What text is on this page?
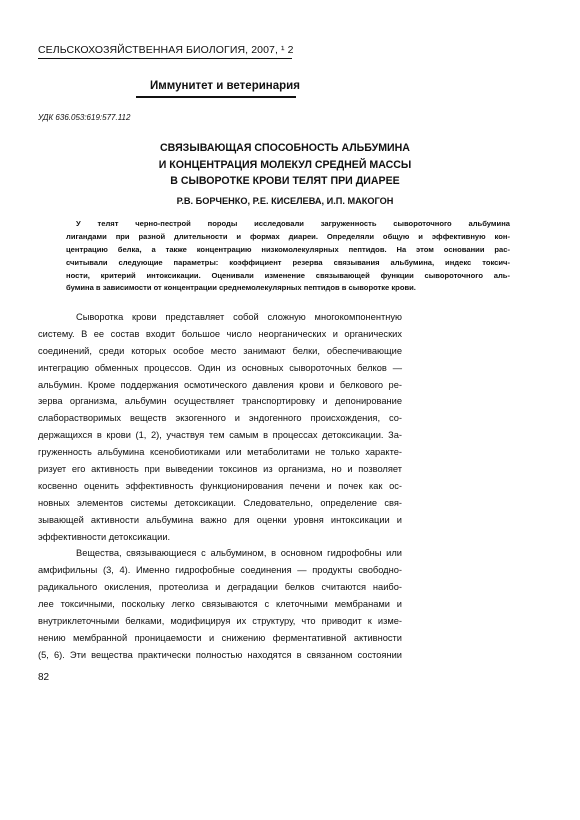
СЕЛЬСКОХОЗЯЙСТВЕННАЯ БИОЛОГИЯ, 2007, ¹ 2
Иммунитет и ветеринария
УДК 636.053:619:577.112
СВЯЗЫВАЮЩАЯ СПОСОБНОСТЬ АЛЬБУМИНА
И КОНЦЕНТРАЦИЯ МОЛЕКУЛ СРЕДНЕЙ МАССЫ
В СЫВОРОТКЕ КРОВИ ТЕЛЯТ ПРИ ДИАРЕЕ
Р.В. БОРЧЕНКО, Р.Е. КИСЕЛЕВА, И.П. МАКОГОН
У телят черно-пестрой породы исследовали загруженность сывороточного альбумина
лигандами при разной длительности и формах диареи. Определяли общую и эффективную кон-
центрацию белка, а также концентрацию низкомолекулярных пептидов. На этом основании рас-
считывали следующие параметры: коэффициент резерва связывания альбумина, индекс токсич-
ности, критерий интоксикации. Оценивали изменение связывающей функции сывороточного аль-
бумина в зависимости от концентрации среднемолекулярных пептидов в сыворотке крови.
Сыворотка крови представляет собой сложную многокомпонентную
систему. В ее состав входит большое число неорганических и органических
соединений, среди которых особое место занимают белки, обеспечивающие
интеграцию обменных процессов. Один из основных сывороточных белков —
альбумин. Кроме поддержания осмотического давления крови и белкового ре-
зерва организма, альбумин осуществляет транспортировку и депонирование
слаборастворимых веществ экзогенного и эндогенного происхождения, со-
держащихся в крови (1, 2), участвуя тем самым в процессах детоксикации. За-
груженность альбумина ксенобиотиками или метаболитами не только характе-
ризует его активность при выведении токсинов из организма, но и позволяет
косвенно оценить эффективность функционирования печени и почек как ос-
новных элементов системы детоксикации. Следовательно, определение свя-
зывающей активности альбумина важно для оценки уровня интоксикации и
эффективности детоксикации.
Вещества, связывающиеся с альбумином, в основном гидрофобны или
амфифильны (3, 4). Именно гидрофобные соединения — продукты свободно-
радикального окисления, протеолиза и деградации белков считаются наибо-
лее токсичными, поскольку легко связываются с клеточными мембранами и
внутриклеточными белками, модифицируя их структуру, что приводит к изме-
нению мембранной проницаемости и снижению ферментативной активности
(5, 6). Эти вещества практически полностью находятся в связанном состоянии
82
